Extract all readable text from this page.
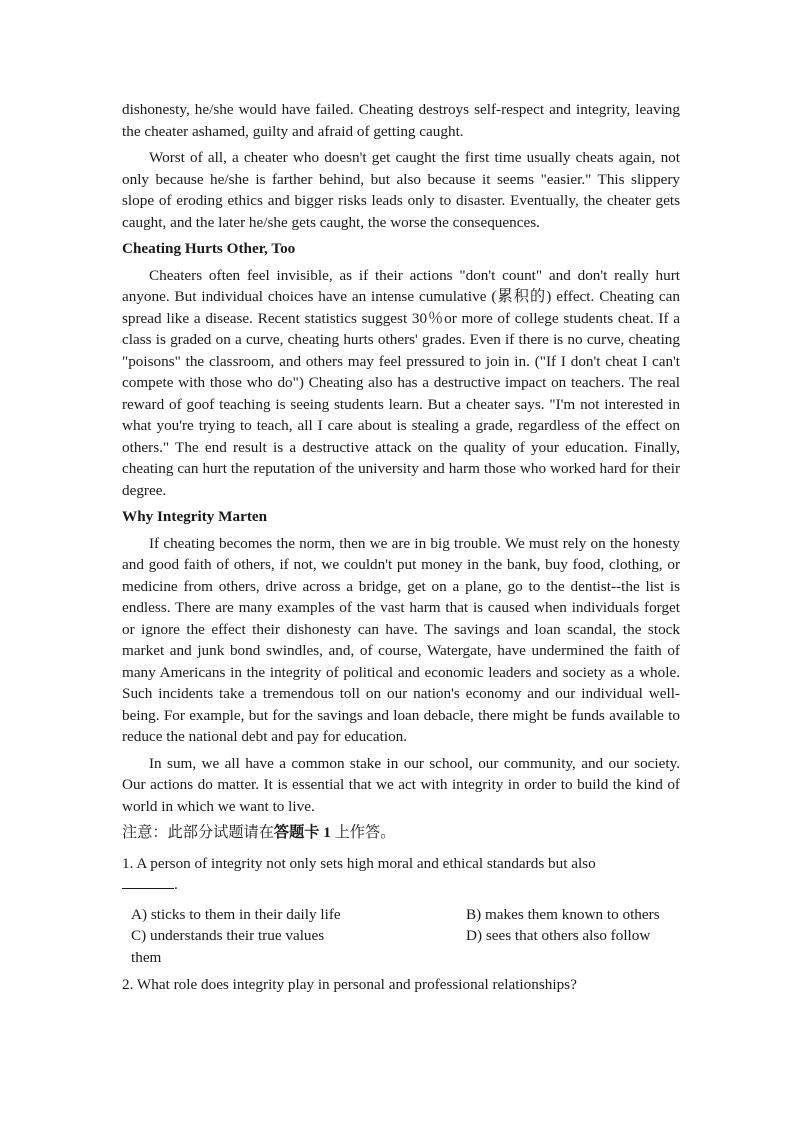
dishonesty, he/she would have failed. Cheating destroys self-respect and integrity, leaving the cheater ashamed, guilty and afraid of getting caught.

Worst of all, a cheater who doesn't get caught the first time usually cheats again, not only because he/she is farther behind, but also because it seems "easier." This slippery slope of eroding ethics and bigger risks leads only to disaster. Eventually, the cheater gets caught, and the later he/she gets caught, the worse the consequences.

Cheating Hurts Other, Too

Cheaters often feel invisible, as if their actions "don't count" and don't really hurt anyone. But individual choices have an intense cumulative (累积的) effect. Cheating can spread like a disease. Recent statistics suggest 30％or more of college students cheat. If a class is graded on a curve, cheating hurts others' grades. Even if there is no curve, cheating "poisons" the classroom, and others may feel pressured to join in. ("If I don't cheat I can't compete with those who do") Cheating also has a destructive impact on teachers. The real reward of goof teaching is seeing students learn. But a cheater says. "I'm not interested in what you're trying to teach, all I care about is stealing a grade, regardless of the effect on others." The end result is a destructive attack on the quality of your education. Finally, cheating can hurt the reputation of the university and harm those who worked hard for their degree.

Why Integrity Marten

If cheating becomes the norm, then we are in big trouble. We must rely on the honesty and good faith of others, if not, we couldn't put money in the bank, buy food, clothing, or medicine from others, drive across a bridge, get on a plane, go to the dentist--the list is endless. There are many examples of the vast harm that is caused when individuals forget or ignore the effect their dishonesty can have. The savings and loan scandal, the stock market and junk bond swindles, and, of course, Watergate, have undermined the faith of many Americans in the integrity of political and economic leaders and society as a whole. Such incidents take a tremendous toll on our nation's economy and our individual well-being. For example, but for the savings and loan debacle, there might be funds available to reduce the national debt and pay for education.

In sum, we all have a common stake in our school, our community, and our society. Our actions do matter. It is essential that we act with integrity in order to build the kind of world in which we want to live.

注意：此部分试题请在答题卡 1 上作答。
1. A person of integrity not only sets high moral and ethical standards but also
.
A) sticks to them in their daily life	B) makes them known to others
C) understands their true values	D) sees that others also follow
them
2. What role does integrity play in personal and professional relationships?
